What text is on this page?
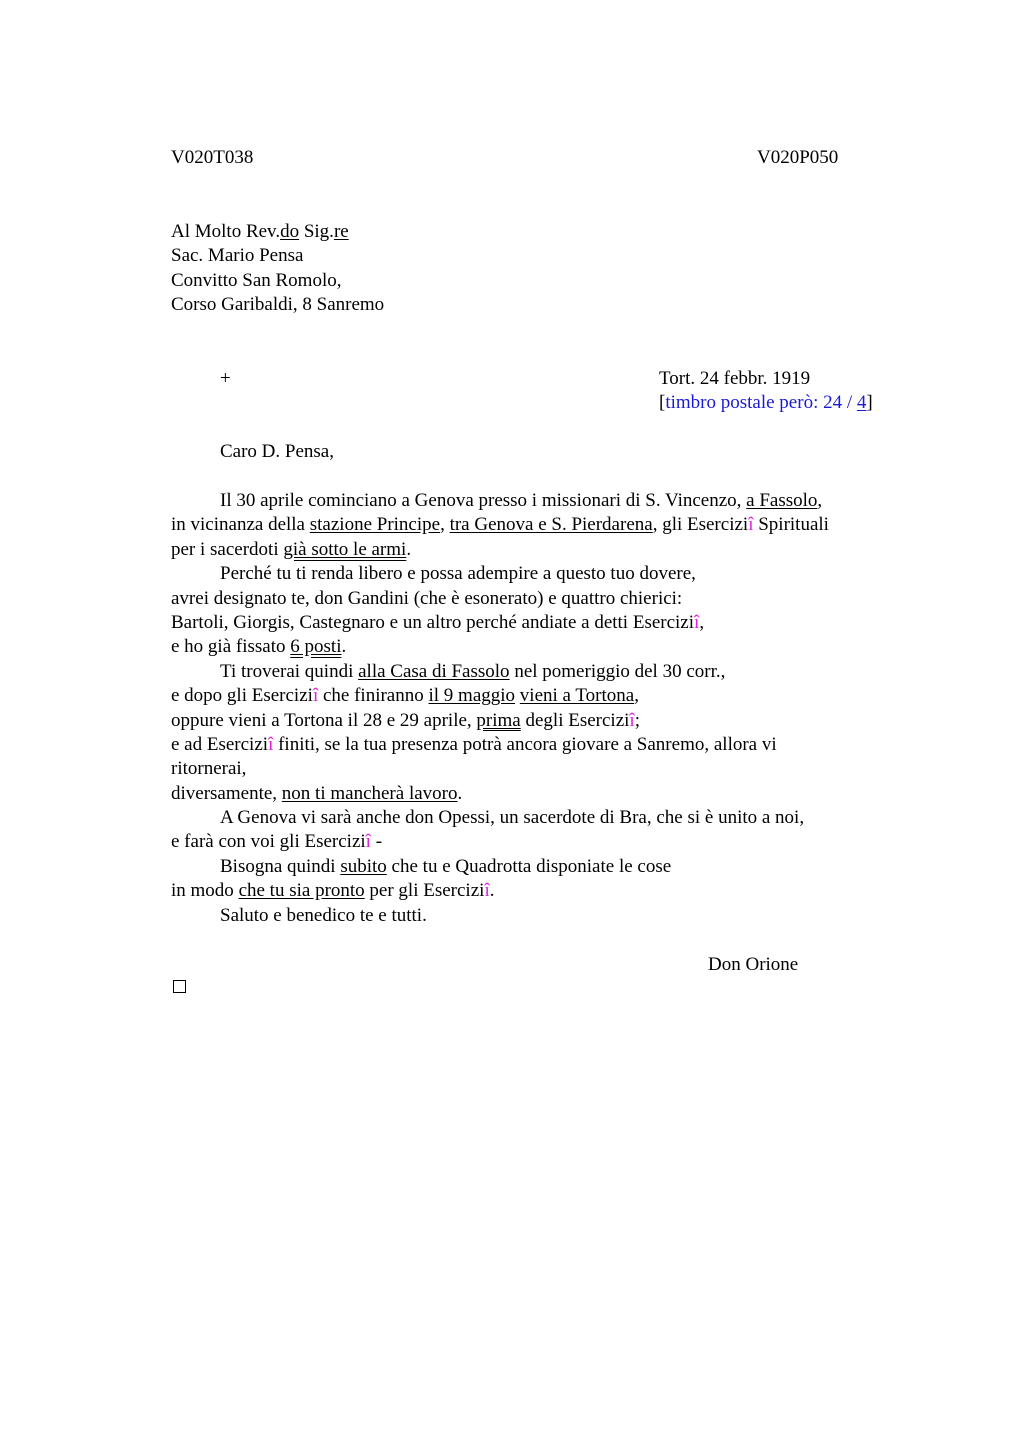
V020T038	V020P050
Al Molto Rev.do Sig.re
Sac. Mario Pensa
Convitto San Romolo,
Corso Garibaldi, 8 Sanremo
+	Tort. 24 febbr. 1919
[timbro postale però: 24 / 4]
Caro D. Pensa,
Il 30 aprile cominciano a Genova presso i missionari di S. Vincenzo, a Fassolo,
in vicinanza della stazione Principe, tra Genova e S. Pierdarena, gli Eserciziî Spirituali
per i sacerdoti già sotto le armi.
Perché tu ti renda libero e possa adempire a questo tuo dovere,
avrei designato te, don Gandini (che è esonerato) e quattro chierici:
Bartoli, Giorgis, Castegnaro e un altro perché andiate a detti Eserciziî,
e ho già fissato 6 posti.
Ti troverai quindi alla Casa di Fassolo nel pomeriggio del 30 corr.,
e dopo gli Eserciziî che finiranno il 9 maggio vieni a Tortona,
oppure vieni a Tortona il 28 e 29 aprile, prima degli Eserciziî;
e ad Eserciziî finiti, se la tua presenza potrà ancora giovare a Sanremo, allora vi
ritornerai,
diversamente, non ti mancherà lavoro.
A Genova vi sarà anche don Opessi, un sacerdote di Bra, che si è unito a noi,
e farà con voi gli Eserciziî -
Bisogna quindi subito che tu e Quadrotta disponiate le cose
in modo che tu sia pronto per gli Eserciziî.
Saluto e benedico te e tutti.
Don Orione
